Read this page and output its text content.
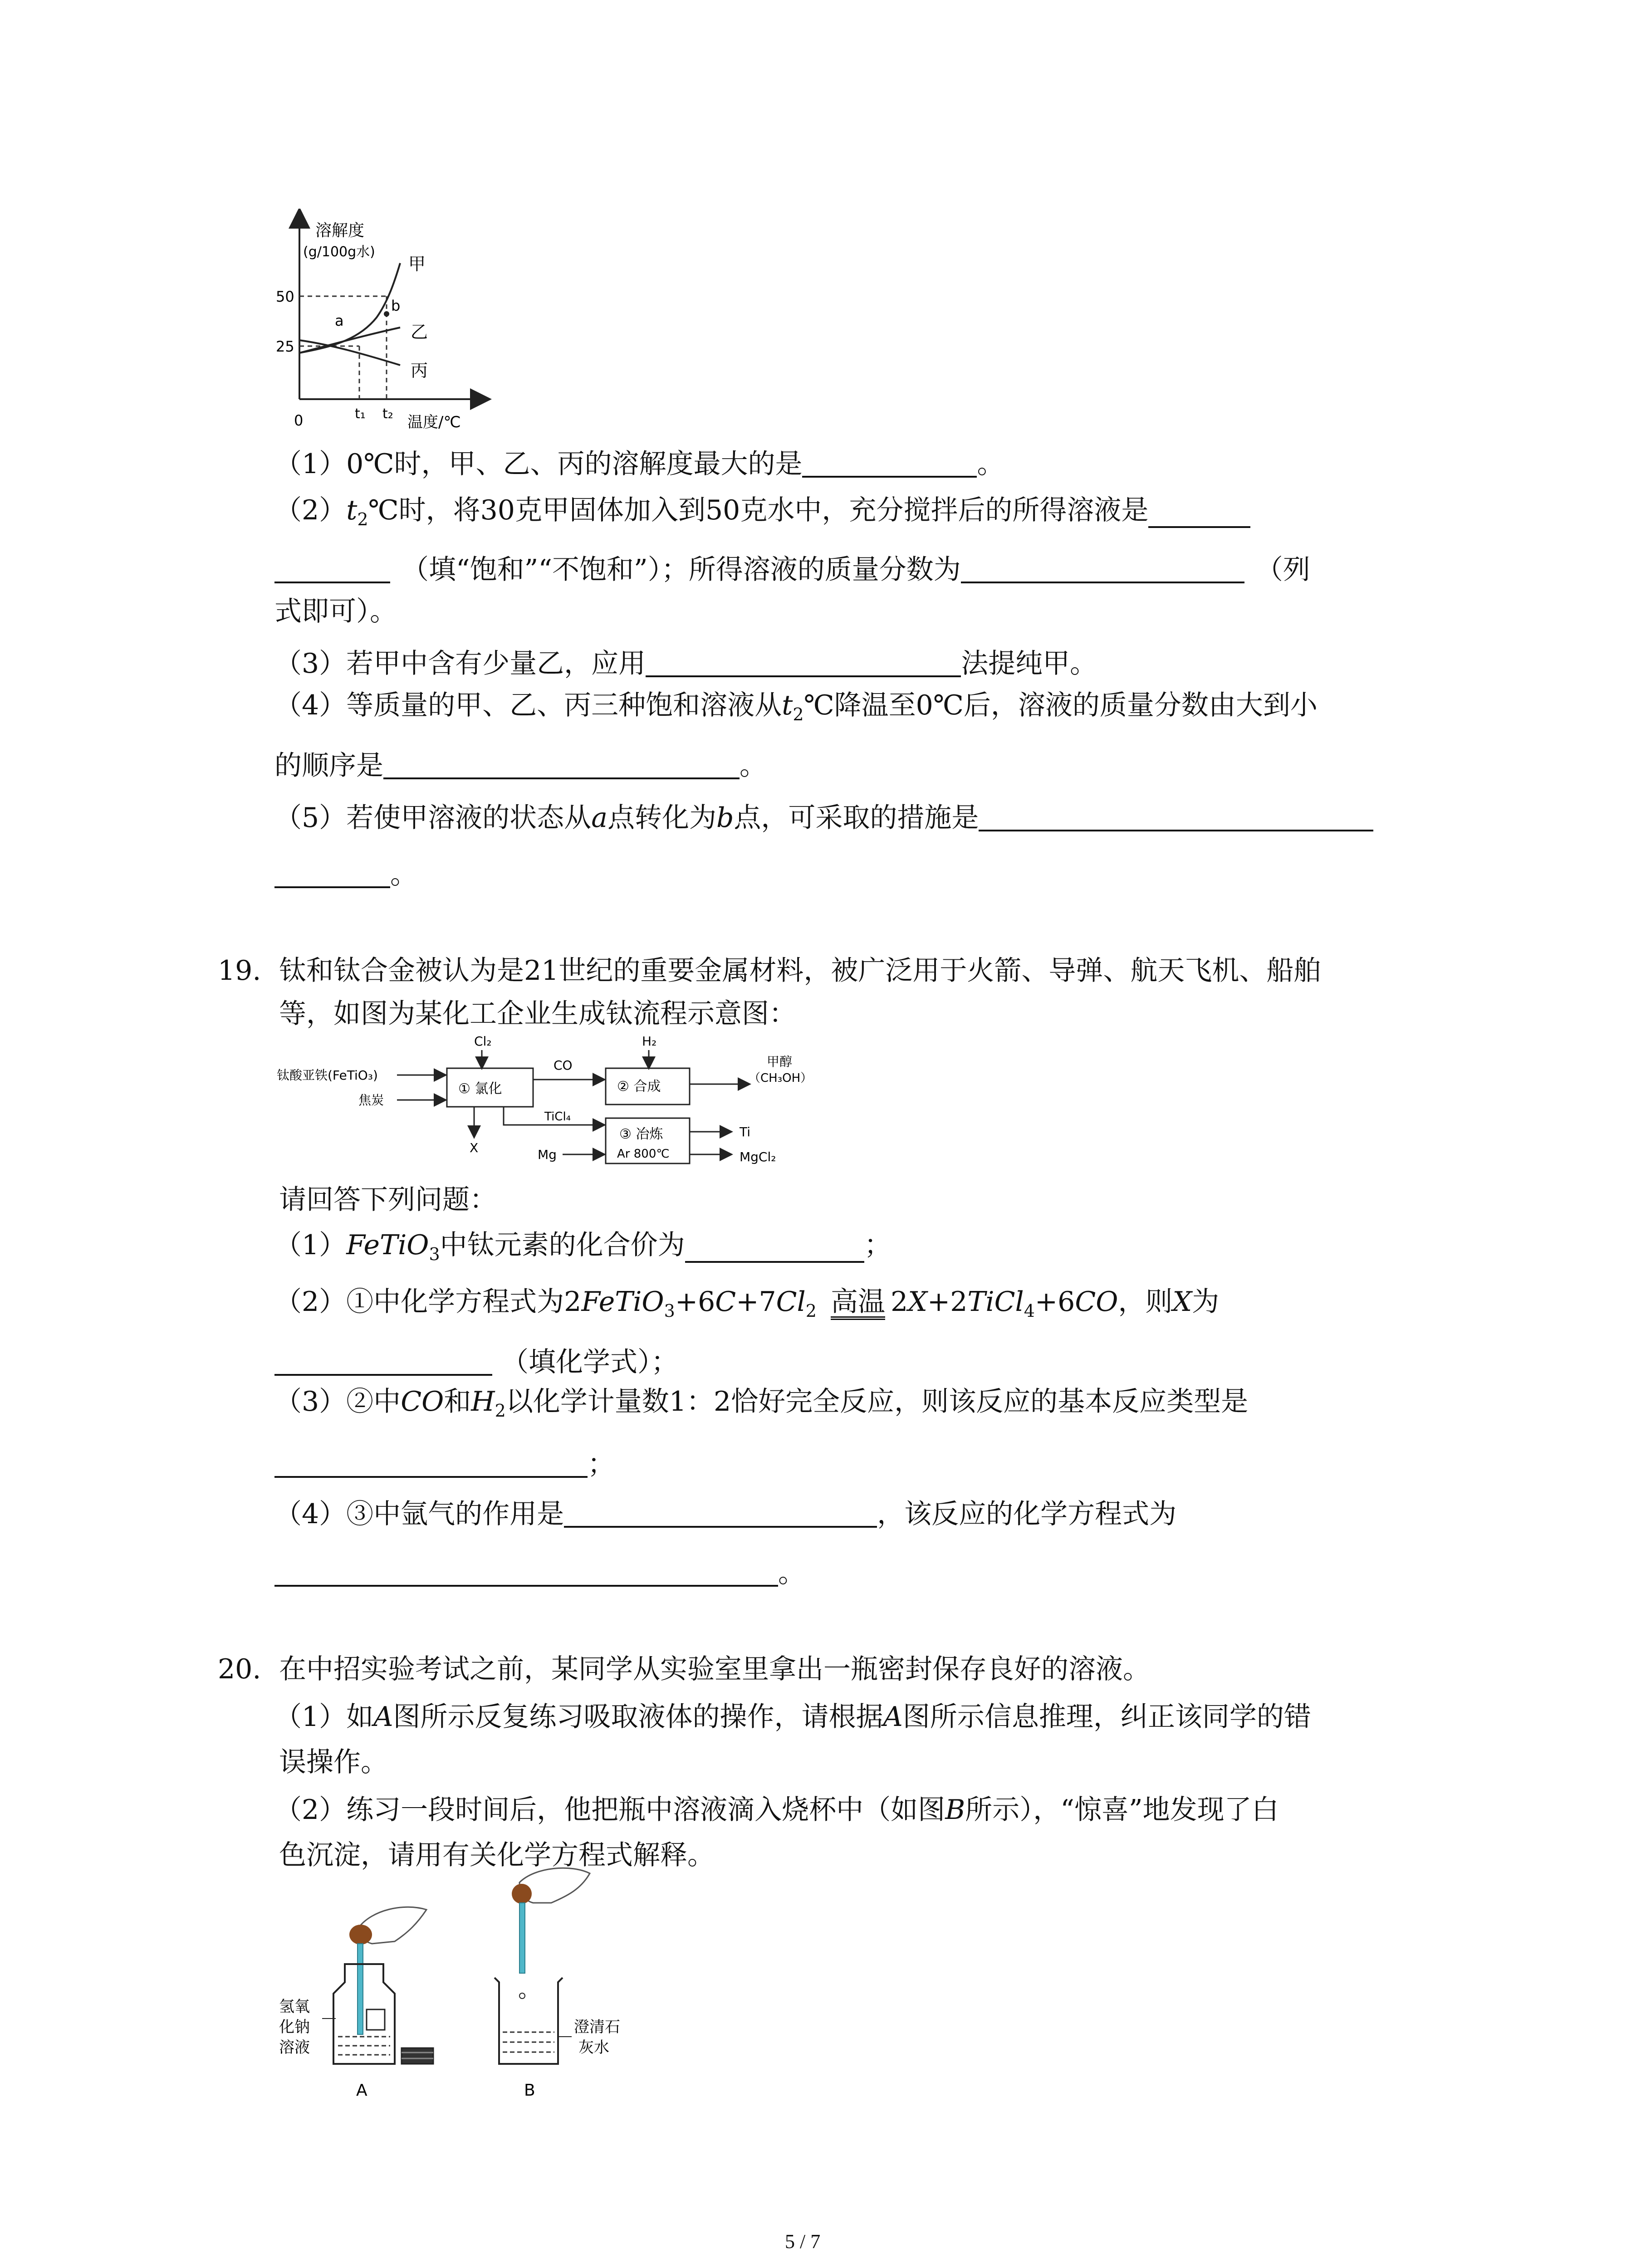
溶解度
(g/100g水)
50
25
0	t₁ t₂ 温度/℃
a
b
甲
乙
丙
（1）0℃时，甲、乙、丙的溶解度最大的是	。
$(2)t_2℃$时，将30克甲固体加入到50克水中，充分搅拌后的所得溶液是
（填“饱和”“不饱和”）；所得溶液的质量分数为	（列
式即可）。
（3）若甲中含有少量乙，应用	法提纯甲。
（4）等质量的甲、乙、丙三种饱和溶液从$t_2℃$降温至0℃后，溶液的质量分数由大到小
的顺序是	。
（5）若使甲溶液的状态从a点转化为b点，可采取的措施是
。
19. 钛和钛合金被认为是21世纪的重要金属材料，被广泛用于火箭、导弹、航天飞机、船舶
等，如图为某化工企业生成钛流程示意图：
钛酸亚铁(FeTiO₃)
焦炭
Cl₂
① 氯化
CO
H₂
② 合成
甲醇
（CH₃OH）
X
TiCl₄
Mg
③ 冶炼
Ar 800℃
Ti
MgCl₂
请回答下列问题：
（1）FeTiO$_3$中钛元素的化合价为	；
（2）①中化学方程式为$2FeTiO_3+6C+7Cl_2$ 高温 2X+2TiCl$_4$+6CO，则X为
（填化学式）；
（3）②中CO和$H_2$以化学计量数1：2恰好完全反应，则该反应的基本反应类型是
；
（4）③中氩气的作用是	，该反应的化学方程式为
。
20. 在中招实验考试之前，某同学从实验室里拿出一瓶密封保存良好的溶液。
（1）如A图所示反复练习吸取液体的操作，请根据A图所示信息推理，纠正该同学的错
误操作。
（2）练习一段时间后，他把瓶中溶液滴入烧杯中（如图B所示），“惊喜”地发现了白
色沉淀，请用有关化学方程式解释。
氢氧
化钠
溶液
A
澄清石
灰水
B
5 / 7
